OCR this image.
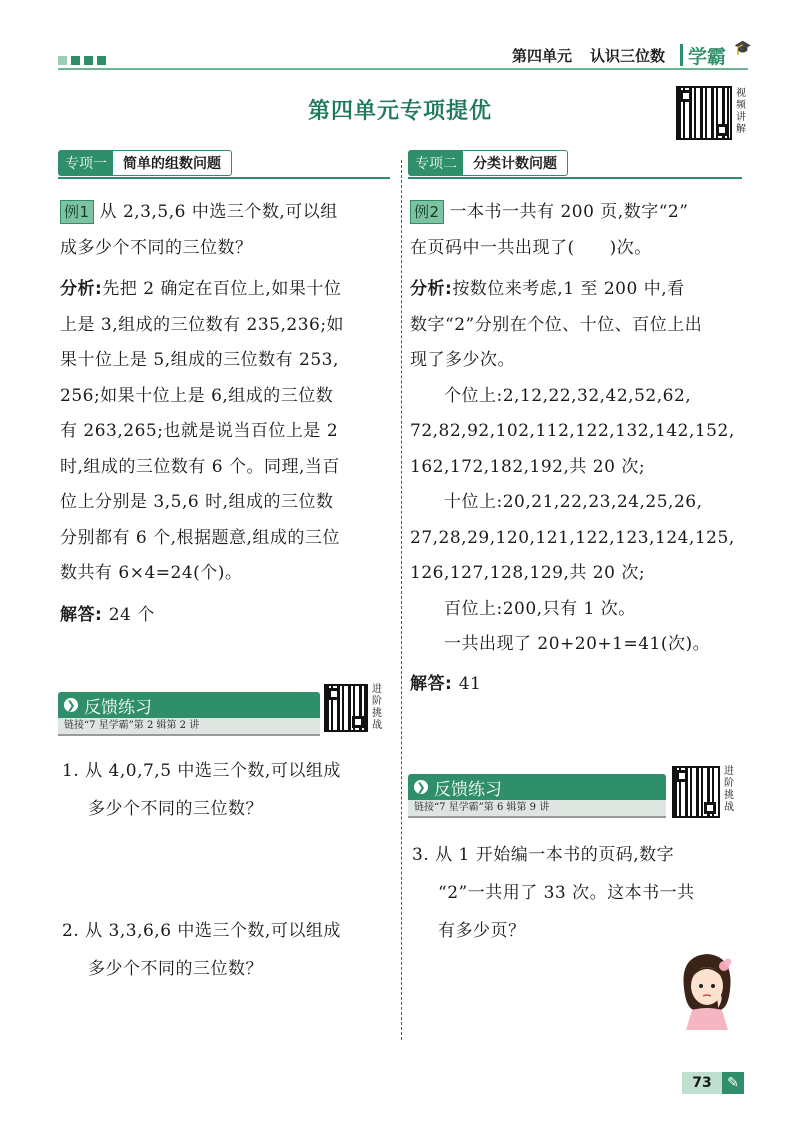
第四单元 认识三位数 学霸 🎓
第四单元专项提优
视频讲解
专项一	简单的组数问题
例1 从 2,3,5,6 中选三个数,可以组
成多少个不同的三位数？
分析:先把 2 确定在百位上,如果十位
上是 3,组成的三位数有 235,236;如
果十位上是 5,组成的三位数有 253,
256;如果十位上是 6,组成的三位数
有 263,265;也就是说当百位上是 2
时,组成的三位数有 6 个。同理,当百
位上分别是 3,5,6 时,组成的三位数
分别都有 6 个,根据题意,组成的三位
数共有 6×4=24(个)。
解答: 24 个
❯ 反馈练习
链接“7 星学霸”第 2 辑第 2 讲
进阶挑战
1. 从 4,0,7,5 中选三个数,可以组成
多少个不同的三位数？
2. 从 3,3,6,6 中选三个数,可以组成
多少个不同的三位数？
专项二	分类计数问题
例2 一本书一共有 200 页,数字“2”
在页码中一共出现了(　　)次。
分析:按数位来考虑,1 至 200 中,看
数字“2”分别在个位、十位、百位上出
现了多少次。
个位上:2,12,22,32,42,52,62,
72,82,92,102,112,122,132,142,152,
162,172,182,192,共 20 次;
十位上:20,21,22,23,24,25,26,
27,28,29,120,121,122,123,124,125,
126,127,128,129,共 20 次;
百位上:200,只有 1 次。
一共出现了 20+20+1=41(次)。
解答: 41
❯ 反馈练习
链接“7 星学霸”第 6 辑第 9 讲
进阶挑战
3. 从 1 开始编一本书的页码,数字
“2”一共用了 33 次。这本书一共
有多少页？
73	✎
